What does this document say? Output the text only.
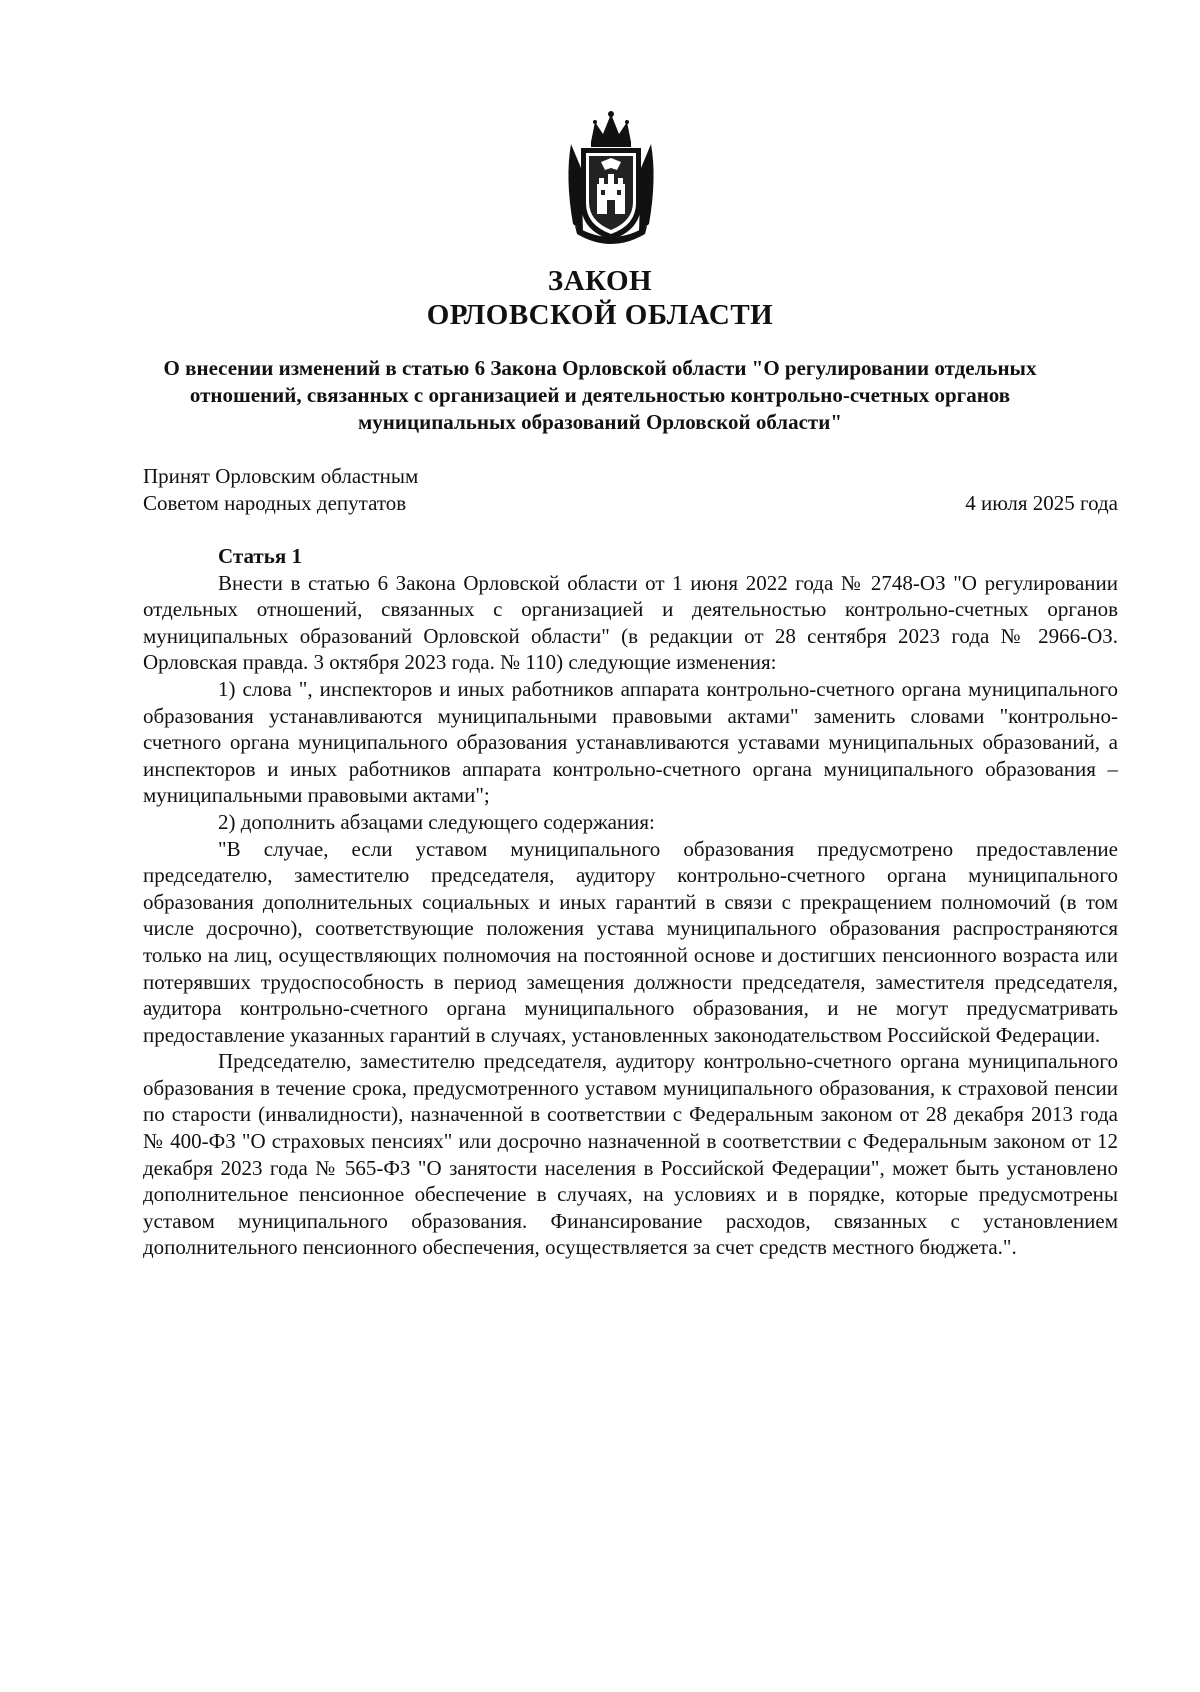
ЗАКОН
ОРЛОВСКОЙ ОБЛАСТИ
О внесении изменений в статью 6 Закона Орловской области "О регулировании отдельных отношений, связанных с организацией и деятельностью контрольно-счетных органов муниципальных образований Орловской области"
Принят Орловским областным
Советом народных депутатов	4 июля 2025 года
Статья 1

Внести в статью 6 Закона Орловской области от 1 июня 2022 года № 2748-ОЗ "О регулировании отдельных отношений, связанных с организацией и деятельностью контрольно-счетных органов муниципальных образований Орловской области" (в редакции от 28 сентября 2023 года № 2966-ОЗ. Орловская правда. 3 октября 2023 года. № 110) следующие изменения:

1) слова ", инспекторов и иных работников аппарата контрольно-счетного органа муниципального образования устанавливаются муниципальными правовыми актами" заменить словами "контрольно-счетного органа муниципального образования устанавливаются уставами муниципальных образований, а инспекторов и иных работников аппарата контрольно-счетного органа муниципального образования – муниципальными правовыми актами";

2) дополнить абзацами следующего содержания:

"В случае, если уставом муниципального образования предусмотрено предоставление председателю, заместителю председателя, аудитору контрольно-счетного органа муниципального образования дополнительных социальных и иных гарантий в связи с прекращением полномочий (в том числе досрочно), соответствующие положения устава муниципального образования распространяются только на лиц, осуществляющих полномочия на постоянной основе и достигших пенсионного возраста или потерявших трудоспособность в период замещения должности председателя, заместителя председателя, аудитора контрольно-счетного органа муниципального образования, и не могут предусматривать предоставление указанных гарантий в случаях, установленных законодательством Российской Федерации.

Председателю, заместителю председателя, аудитору контрольно-счетного органа муниципального образования в течение срока, предусмотренного уставом муниципального образования, к страховой пенсии по старости (инвалидности), назначенной в соответствии с Федеральным законом от 28 декабря 2013 года № 400-ФЗ "О страховых пенсиях" или досрочно назначенной в соответствии с Федеральным законом от 12 декабря 2023 года № 565-ФЗ "О занятости населения в Российской Федерации", может быть установлено дополнительное пенсионное обеспечение в случаях, на условиях и в порядке, которые предусмотрены уставом муниципального образования. Финансирование расходов, связанных с установлением дополнительного пенсионного обеспечения, осуществляется за счет средств местного бюджета.".
